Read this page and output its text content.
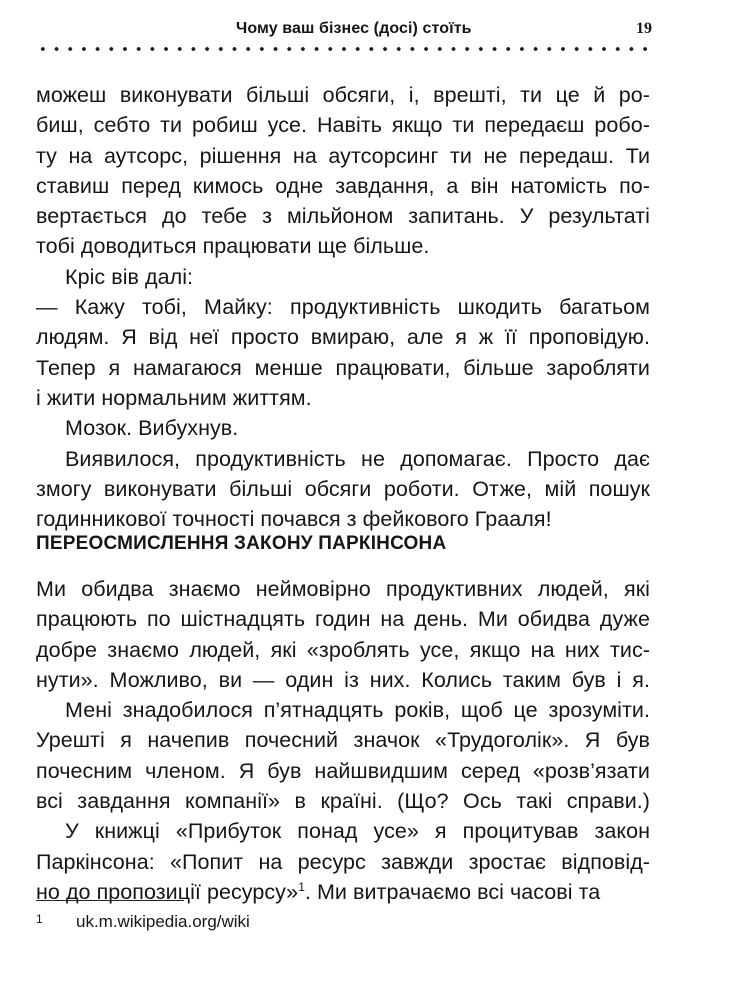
Чому ваш бізнес (досі) стоїть	19
можеш виконувати більші обсяги, і, врешті, ти це й ро-
биш, себто ти робиш усе. Навіть якщо ти передаєш робо-
ту на аутсорс, рішення на аутсорсинг ти не передаш. Ти
ставиш перед кимось одне завдання, а він натомість по-
вертається до тебе з мільйоном запитань. У результаті
тобі доводиться працювати ще більше.
Кріс вів далі:
— Кажу тобі, Майку: продуктивність шкодить багатьом
людям. Я від неї просто вмираю, але я ж її проповідую.
Тепер я намагаюся менше працювати, більше заробляти
і жити нормальним життям.
Мозок. Вибухнув.
Виявилося, продуктивність не допомагає. Просто дає
змогу виконувати більші обсяги роботи. Отже, мій пошук
годинникової точності почався з фейкового Грааля!
ПЕРЕОСМИСЛЕННЯ ЗАКОНУ ПАРКІНСОНА
Ми обидва знаємо неймовірно продуктивних людей, які
працюють по шістнадцять годин на день. Ми обидва дуже
добре знаємо людей, які «зроблять усе, якщо на них тис-
нути». Можливо, ви — один із них. Колись таким був і я.
Мені знадобилося п’ятнадцять років, щоб це зрозуміти.
Урешті я начепив почесний значок «Трудоголік». Я був
почесним членом. Я був найшвидшим серед «розв’язати
всі завдання компанії» в країні. (Що? Ось такі справи.)
У книжці «Прибуток понад усе» я процитував закон
Паркінсона: «Попит на ресурс завжди зростає відповід-
но до пропозиції ресурсу»$^1$. Ми витрачаємо всі часові та
1 uk.m.wikipedia.org/wiki
